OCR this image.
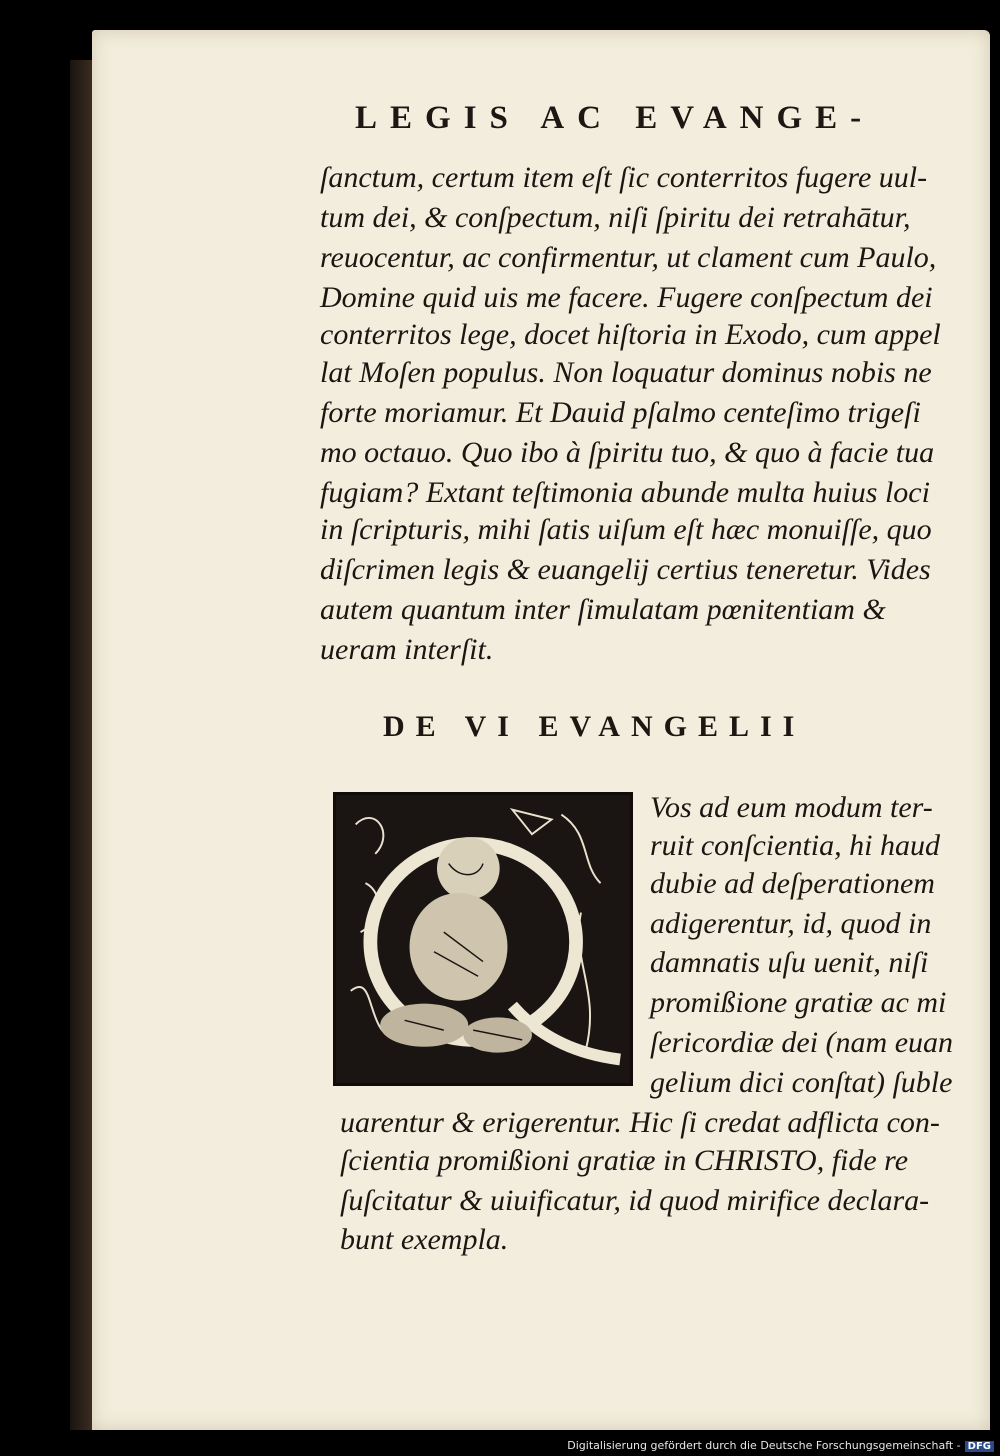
LEGIS AC EVANGE-
ſanctum, certum item eſt ſic conterritos fugere uul-
tum dei, & conſpectum, niſi ſpiritu dei retrahātur,
reuocentur, ac confirmentur, ut clament cum Paulo,
Domine quid uis me facere. Fugere conſpectum dei
conterritos lege, docet hiſtoria in Exodo, cum appel
lat Moſen populus. Non loquatur dominus nobis ne
forte moriamur. Et Dauid pſalmo centeſimo trigeſi
mo octauo. Quo ibo à ſpiritu tuo, & quo à facie tua
fugiam? Extant teſtimonia abunde multa huius loci
in ſcripturis, mihi ſatis uiſum eſt hæc monuiſſe, quo
diſcrimen legis & euangelij certius teneretur. Vides
autem quantum inter ſimulatam pœnitentiam &
ueram interſit.
DE VI EVANGELII
Vos ad eum modum ter-
ruit conſcientia, hi haud
dubie ad deſperationem
adigerentur, id, quod in
damnatis uſu uenit, niſi
promißione gratiæ ac mi
ſericordiæ dei (nam euan
gelium dici conſtat) ſuble
uarentur & erigerentur. Hic ſi credat adflicta con-
ſcientia promißioni gratiæ in CHRISTO, fide re
ſuſcitatur & uiuificatur, id quod mirifice declara-
bunt exempla.
Digitalisierung gefördert durch die Deutsche Forschungsgemeinschaft - DFG
